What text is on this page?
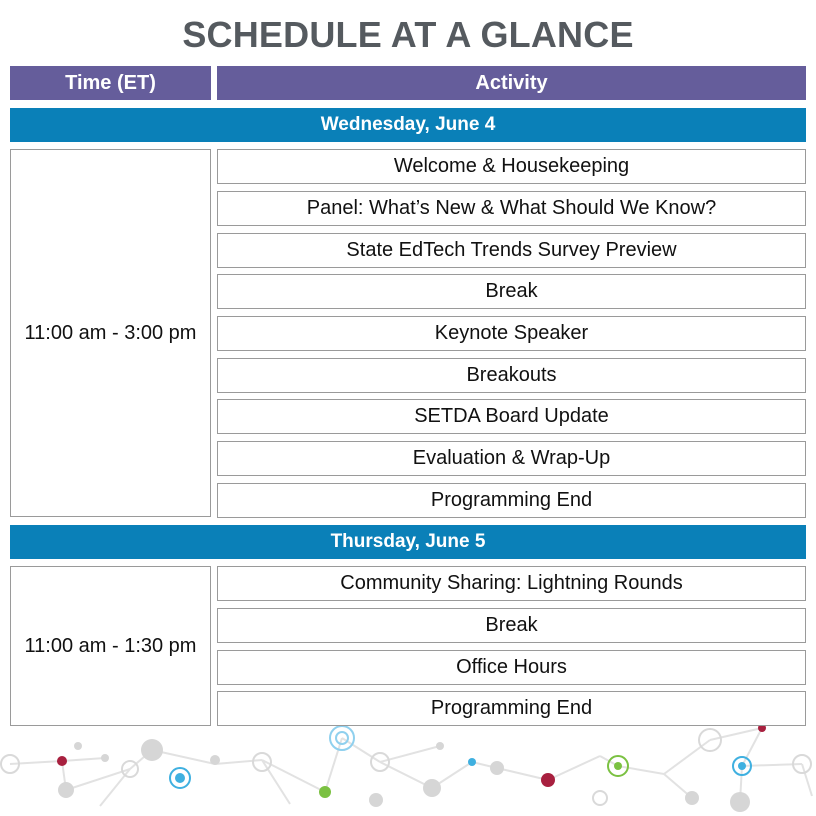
SCHEDULE AT A GLANCE
Time (ET)	Activity
Wednesday, June 4
11:00 am - 3:00 pm
Welcome & Housekeeping
Panel: What’s New & What Should We Know?
State EdTech Trends Survey Preview
Break
Keynote Speaker
Breakouts
SETDA Board Update
Evaluation & Wrap-Up
Programming End
Thursday, June 5
11:00 am - 1:30 pm
Community Sharing: Lightning Rounds
Break
Office Hours
Programming End
